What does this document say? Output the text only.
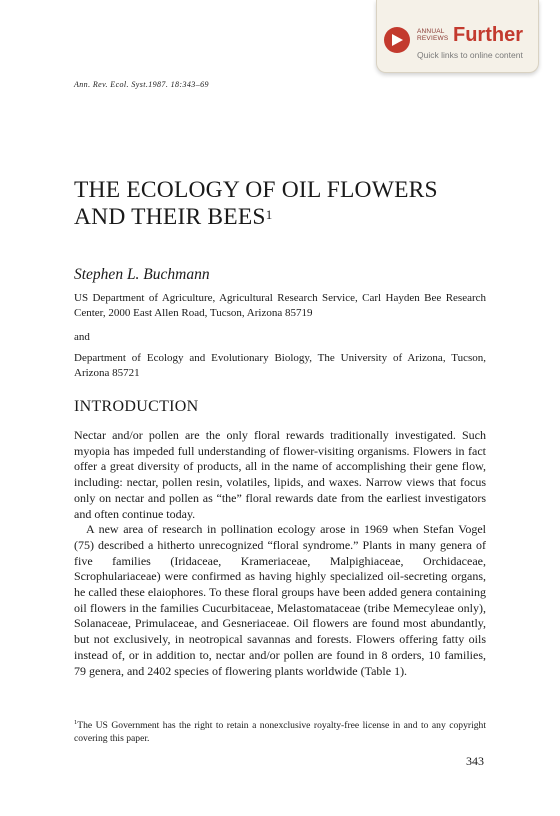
ANNUAL
REVIEWS Further
Quick links to online content
Ann. Rev. Ecol. Syst.1987. 18:343–69
THE ECOLOGY OF OIL FLOWERS
AND THEIR BEES$^1$
Stephen L. Buchmann
US Department of Agriculture, Agricultural Research Service, Carl Hayden Bee Research Center, 2000 East Allen Road, Tucson, Arizona 85719
and
Department of Ecology and Evolutionary Biology, The University of Arizona, Tucson, Arizona 85721
INTRODUCTION

Nectar and/or pollen are the only floral rewards traditionally investigated. Such myopia has impeded full understanding of flower-visiting organisms. Flowers in fact offer a great diversity of products, all in the name of accomplishing their gene flow, including: nectar, pollen resin, volatiles, lipids, and waxes. Narrow views that focus only on nectar and pollen as “the” floral rewards date from the earliest investigators and often continue today.

A new area of research in pollination ecology arose in 1969 when Stefan Vogel (75) described a hitherto unrecognized “floral syndrome.” Plants in many genera of five families (Iridaceae, Krameriaceae, Malpighiaceae, Orchidaceae, Scrophulariaceae) were confirmed as having highly specialized oil-secreting organs, he called these elaiophores. To these floral groups have been added genera containing oil flowers in the families Cucurbitaceae, Melastomataceae (tribe Memecyleae only), Solanaceae, Primulaceae, and Gesneriaceae. Oil flowers are found most abundantly, but not exclusively, in neotropical savannas and forests. Flowers offering fatty oils instead of, or in addition to, nectar and/or pollen are found in 8 orders, 10 families, 79 genera, and 2402 species of flowering plants worldwide (Table 1).

$^1$The US Government has the right to retain a nonexclusive royalty-free license in and to any copyright covering this paper.
343
